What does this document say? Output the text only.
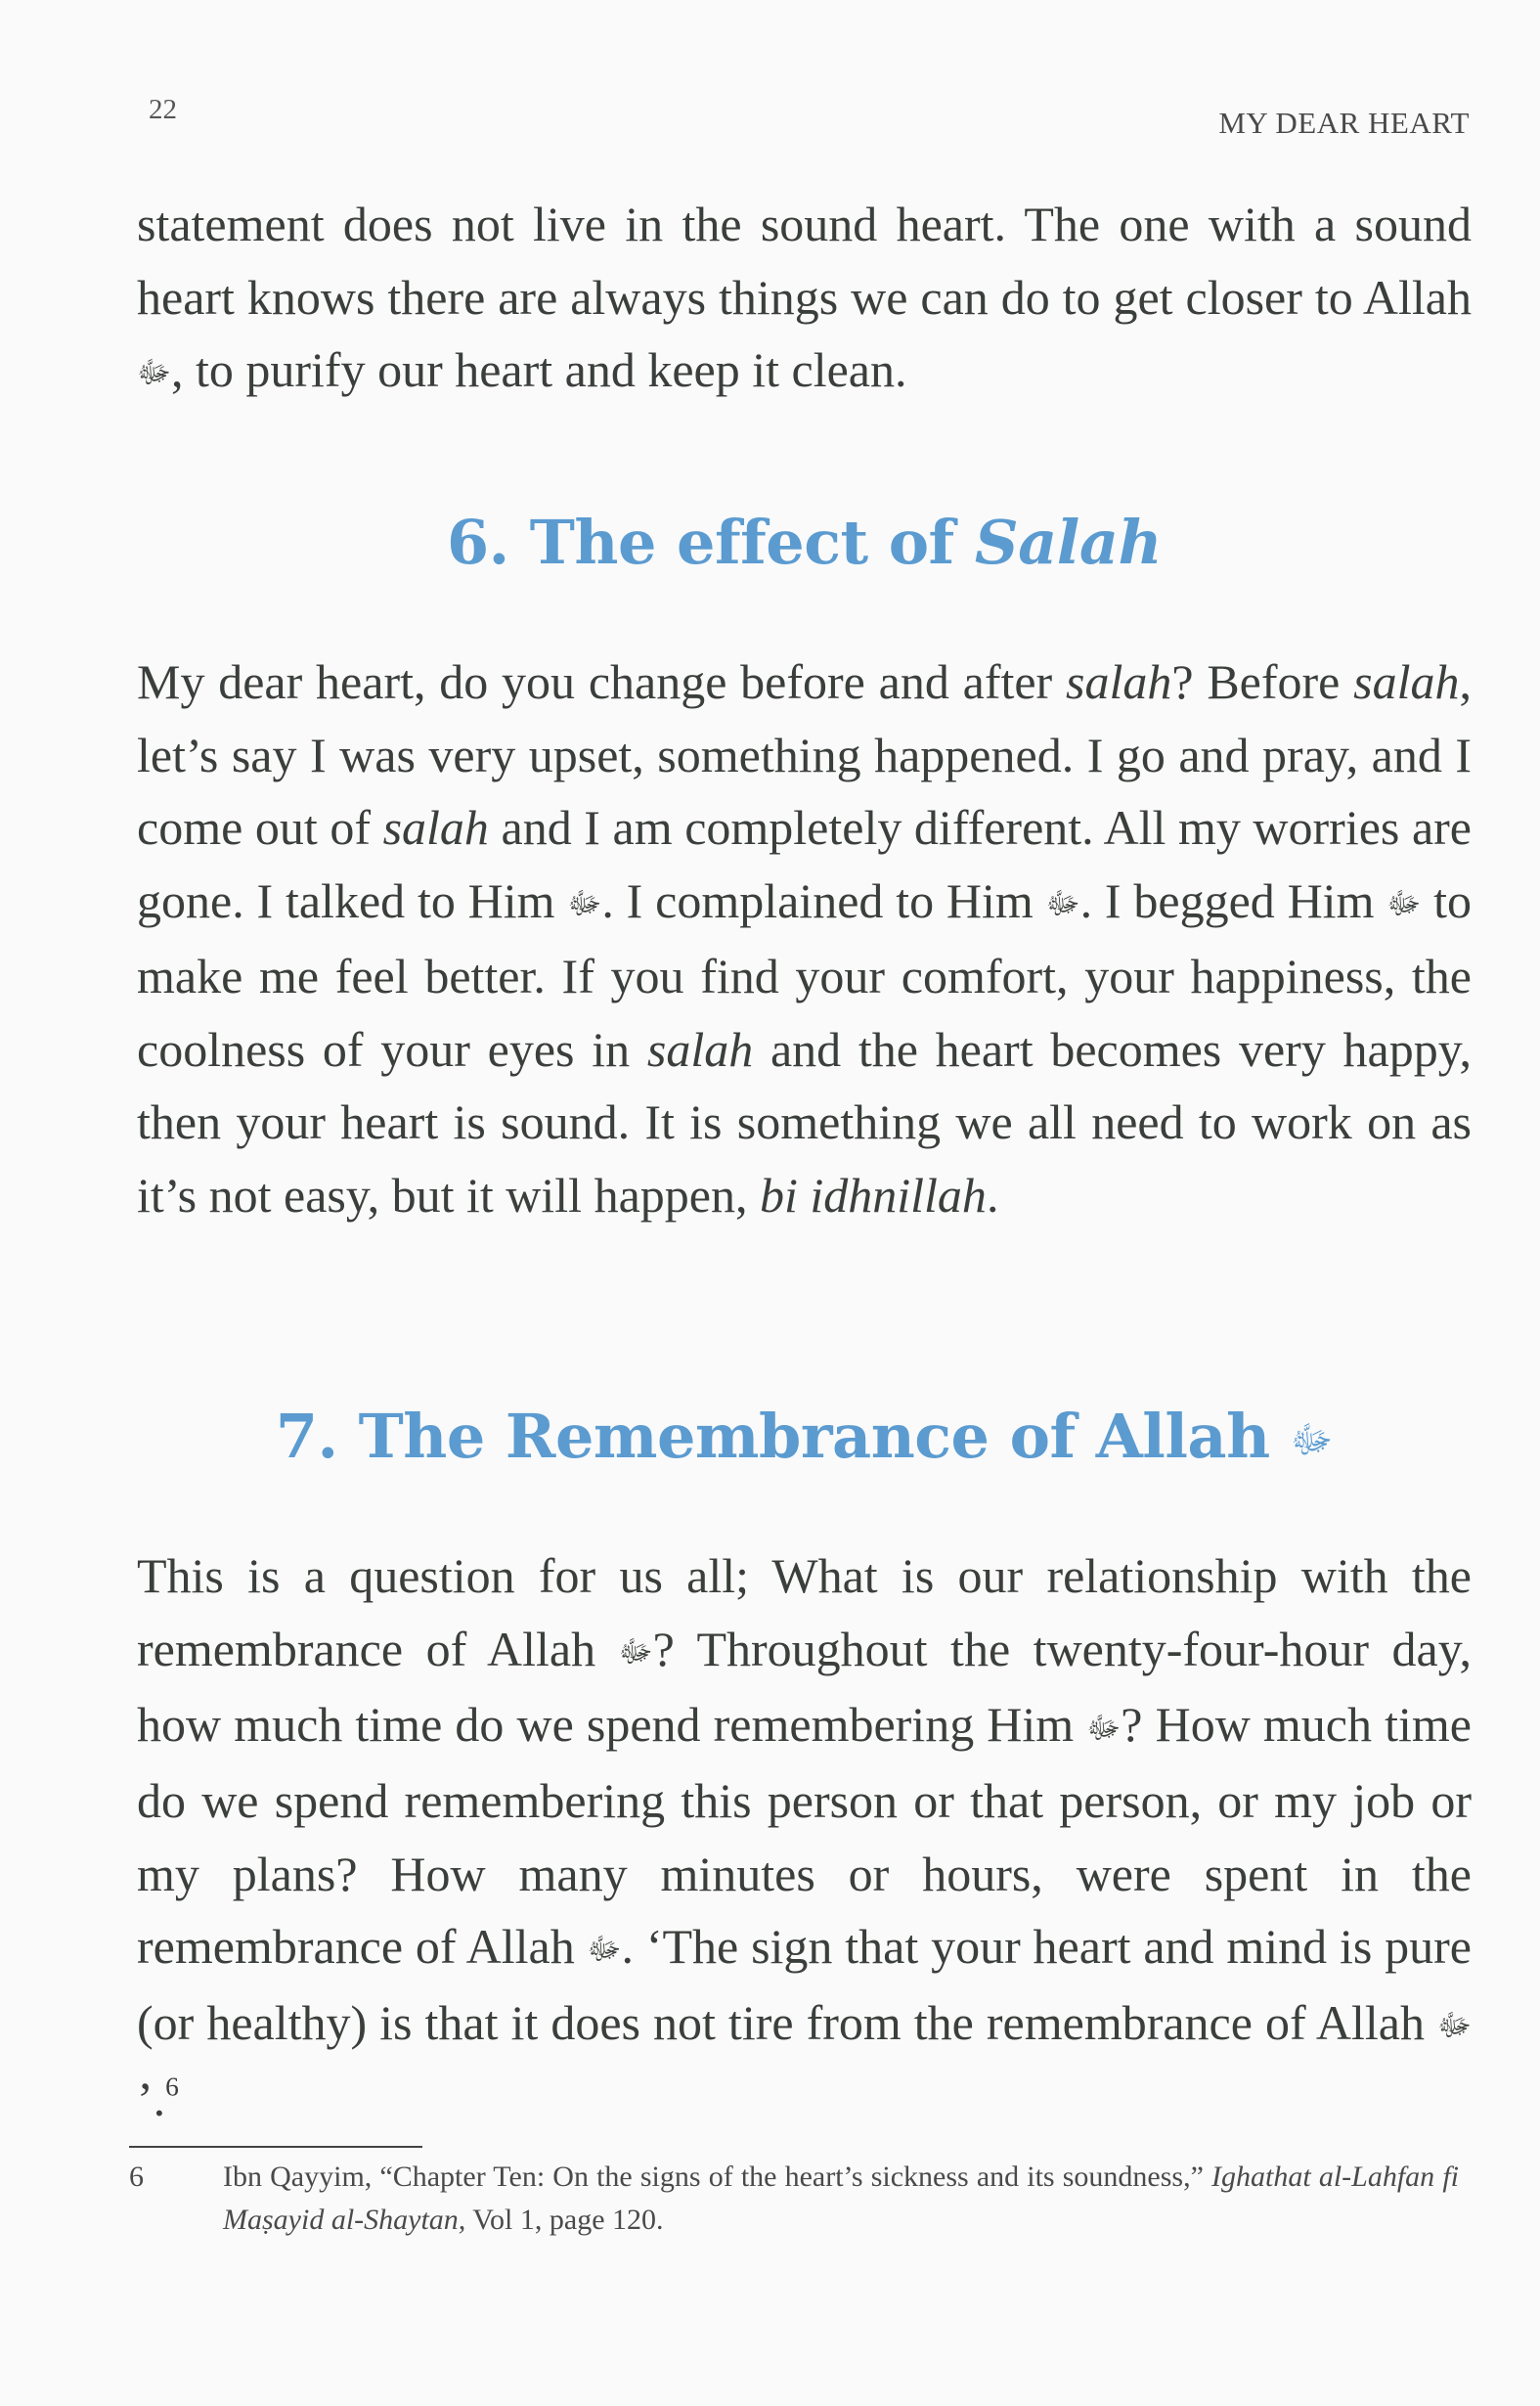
22	MY DEAR HEART

statement does not live in the sound heart. The one with a sound heart knows there are always things we can do to get closer to Allah ﷻ, to purify our heart and keep it clean.

6. The effect of Salah

My dear heart, do you change before and after salah? Before salah, let’s say I was very upset, something happened. I go and pray, and I come out of salah and I am completely different. All my worries are gone. I talked to Him ﷻ. I complained to Him ﷻ. I begged Him ﷻ to make me feel better. If you find your comfort, your happiness, the coolness of your eyes in salah and the heart becomes very happy, then your heart is sound. It is something we all need to work on as it’s not easy, but it will happen, bi idhnillah.

7. The Remembrance of Allah ﷻ

This is a question for us all; What is our relationship with the remembrance of Allah ﷻ? Throughout the twenty-four-hour day, how much time do we spend remembering Him ﷻ? How much time do we spend remembering this person or that person, or my job or my plans? How many minutes or hours, were spent in the remembrance of Allah ﷻ. ‘The sign that your heart and mind is pure (or healthy) is that it does not tire from the remembrance of Allah ﷻ’.$^6$

6	Ibn Qayyim, “Chapter Ten: On the signs of the heart’s sickness and its soundness,” Ighathat al-Lahfan fi Maṣayid al-Shaytan, Vol 1, page 120.
